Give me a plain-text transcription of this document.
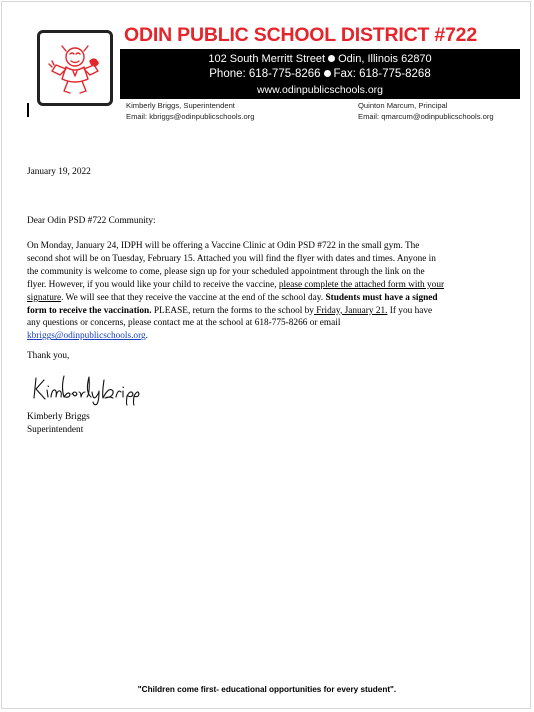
ODIN PUBLIC SCHOOL DISTRICT #722
102 South Merritt Street Odin, Illinois 62870
Phone: 618-775-8266 Fax: 618-775-8268
www.odinpublicschools.org
Kimberly Briggs, Superintendent
Email: kbriggs@odinpublicschools.org
Quinton Marcum, Principal
Email: qmarcum@odinpublicschools.org
January 19, 2022
Dear Odin PSD #722 Community:
On Monday, January 24, IDPH will be offering a Vaccine Clinic at Odin PSD #722 in the small gym. The
second shot will be on Tuesday, February 15. Attached you will find the flyer with dates and times. Anyone in
the community is welcome to come, please sign up for your scheduled appointment through the link on the
flyer. However, if you would like your child to receive the vaccine, please complete the attached form with your
signature. We will see that they receive the vaccine at the end of the school day. Students must have a signed
form to receive the vaccination. PLEASE, return the forms to the school by Friday, January 21. If you have
any questions or concerns, please contact me at the school at 618-775-8266 or email
kbriggs@odinpublicschools.org.
Thank you,
Kimberly Briggs
Superintendent
"Children come first- educational opportunities for every student".
